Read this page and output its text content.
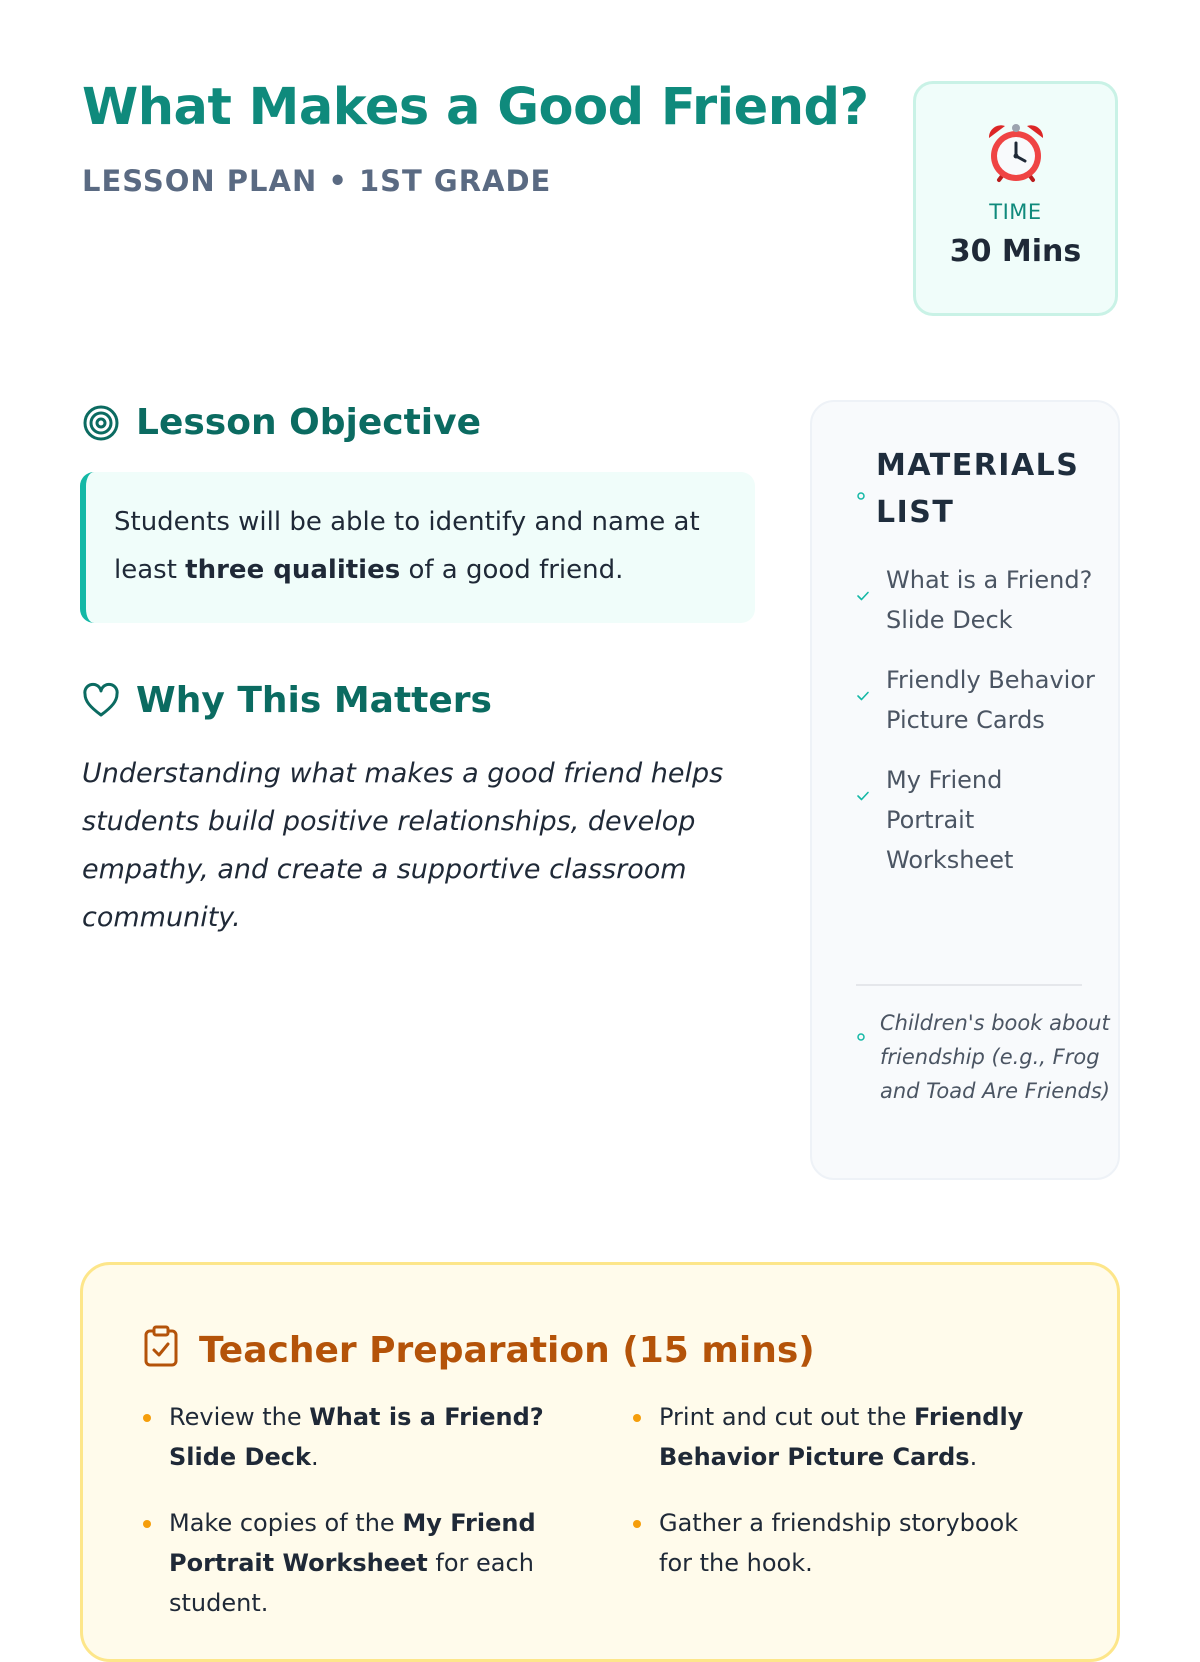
What Makes a Good Friend?
LESSON PLAN • 1ST GRADE
TIME
30 Mins
Lesson Objective
Students will be able to identify and name at least three qualities of a good friend.
Why This Matters
Understanding what makes a good friend helps students build positive relationships, develop empathy, and create a supportive classroom community.
MATERIALS LIST
What is a Friend? Slide Deck
Friendly Behavior Picture Cards
My Friend Portrait Worksheet
Children's book about friendship (e.g., Frog and Toad Are Friends)
Teacher Preparation (15 mins)
Review the What is a Friend? Slide Deck.
Make copies of the My Friend Portrait Worksheet for each student.
Print and cut out the Friendly Behavior Picture Cards.
Gather a friendship storybook for the hook.
